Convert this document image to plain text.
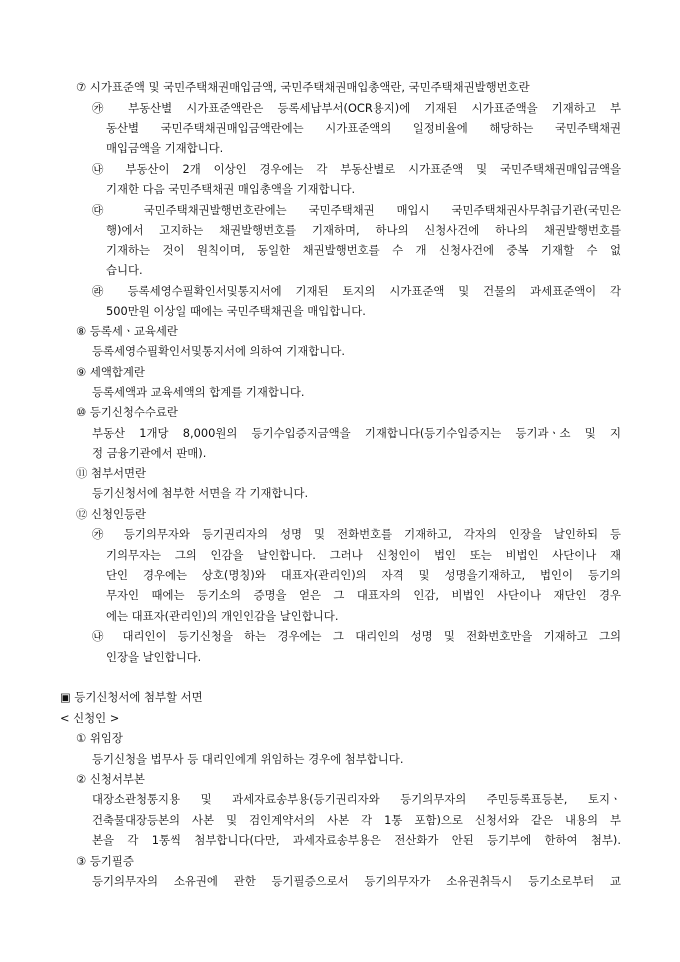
⑦ 시가표준액 및 국민주택채권매입금액, 국민주택채권매입총액란, 국민주택채권발행번호란
㉮ 부동산별 시가표준액란은 등록세납부서(OCR용지)에 기재된 시가표준액을 기재하고 부
동산별 국민주택채권매입금액란에는 시가표준액의 일정비율에 해당하는 국민주택채권
매입금액을 기재합니다.
㉯ 부동산이 2개 이상인 경우에는 각 부동산별로 시가표준액 및 국민주택채권매입금액을
기재한 다음 국민주택채권 매입총액을 기재합니다.
㉰ 국민주택채권발행번호란에는 국민주택채권 매입시 국민주택채권사무취급기관(국민은
행)에서 고지하는 채권발행번호를 기재하며, 하나의 신청사건에 하나의 채권발행번호를
기재하는 것이 원칙이며, 동일한 채권발행번호를 수 개 신청사건에 중복 기재할 수 없
습니다.
㉱ 등록세영수필확인서및통지서에 기재된 토지의 시가표준액 및 건물의 과세표준액이 각
500만원 이상일 때에는 국민주택채권을 매입합니다.
⑧ 등록세ㆍ교육세란
등록세영수필확인서및통지서에 의하여 기재합니다.
⑨ 세액합계란
등록세액과 교육세액의 합계를 기재합니다.
⑩ 등기신청수수료란
부동산 1개당 8,000원의 등기수입증지금액을 기재합니다(등기수입증지는 등기과ㆍ소 및 지
정 금융기관에서 판매).
⑪ 첨부서면란
등기신청서에 첨부한 서면을 각 기재합니다.
⑫ 신청인등란
㉮ 등기의무자와 등기권리자의 성명 및 전화번호를 기재하고, 각자의 인장을 날인하되 등
기의무자는 그의 인감을 날인합니다. 그러나 신청인이 법인 또는 비법인 사단이나 재
단인 경우에는 상호(명칭)와 대표자(관리인)의 자격 및 성명을기재하고, 법인이 등기의
무자인 때에는 등기소의 증명을 얻은 그 대표자의 인감, 비법인 사단이나 재단인 경우
에는 대표자(관리인)의 개인인감을 날인합니다.
㉯ 대리인이 등기신청을 하는 경우에는 그 대리인의 성명 및 전화번호만을 기재하고 그의
인장을 날인합니다.
▣ 등기신청서에 첨부할 서면
< 신청인 >
① 위임장
등기신청을 법무사 등 대리인에게 위임하는 경우에 첨부합니다.
② 신청서부본
대장소관청통지용 및 과세자료송부용(등기권리자와 등기의무자의 주민등록표등본, 토지ㆍ
건축물대장등본의 사본 및 검인계약서의 사본 각 1통 포함)으로 신청서와 같은 내용의 부
본을 각 1통씩 첨부합니다(다만, 과세자료송부용은 전산화가 안된 등기부에 한하여 첨부).
③ 등기필증
등기의무자의 소유권에 관한 등기필증으로서 등기의무자가 소유권취득시 등기소로부터 교
